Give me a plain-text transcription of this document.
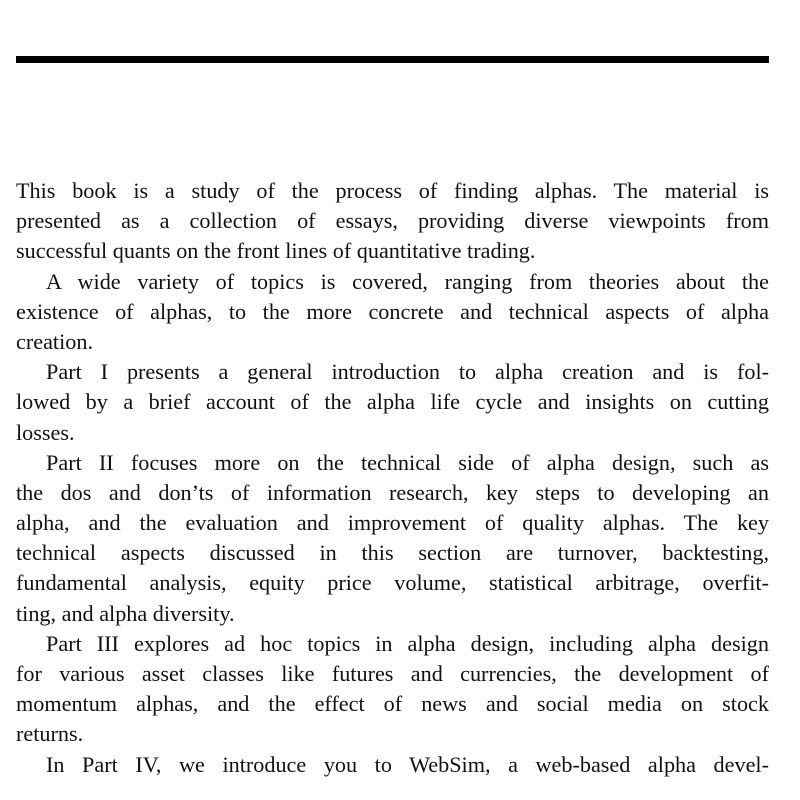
This book is a study of the process of finding alphas. The material is
presented as a collection of essays, providing diverse viewpoints from
successful quants on the front lines of quantitative trading.
A wide variety of topics is covered, ranging from theories about the
existence of alphas, to the more concrete and technical aspects of alpha
creation.
Part I presents a general introduction to alpha creation and is fol-
lowed by a brief account of the alpha life cycle and insights on cutting
losses.
Part II focuses more on the technical side of alpha design, such as
the dos and don’ts of information research, key steps to developing an
alpha, and the evaluation and improvement of quality alphas. The key
technical aspects discussed in this section are turnover, backtesting,
fundamental analysis, equity price volume, statistical arbitrage, overfit-
ting, and alpha diversity.
Part III explores ad hoc topics in alpha design, including alpha design
for various asset classes like futures and currencies, the development of
momentum alphas, and the effect of news and social media on stock
returns.
In Part IV, we introduce you to WebSim, a web-based alpha devel-
